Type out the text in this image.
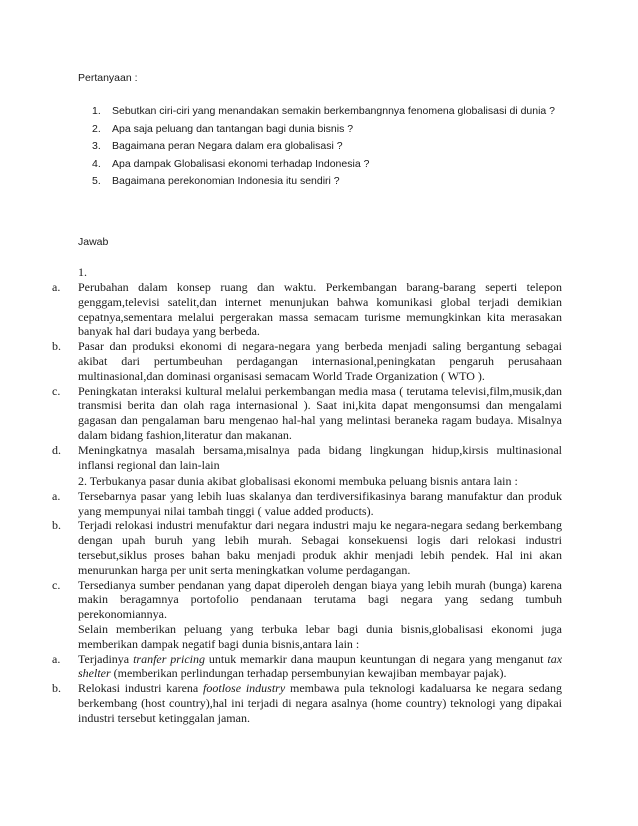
Pertanyaan :
1. Sebutkan ciri-ciri yang menandakan semakin berkembangnnya fenomena globalisasi di dunia ?
2. Apa saja peluang dan tantangan bagi dunia bisnis ?
3. Bagaimana peran Negara dalam era globalisasi ?
4. Apa dampak Globalisasi ekonomi terhadap Indonesia ?
5. Bagaimana perekonomian Indonesia itu sendiri ?
Jawab
1.
a. Perubahan dalam konsep ruang dan waktu. Perkembangan barang-barang seperti telepon genggam,televisi satelit,dan internet menunjukan bahwa komunikasi global terjadi demikian cepatnya,sementara melalui pergerakan massa semacam turisme memungkinkan kita merasakan banyak hal dari budaya yang berbeda.
b. Pasar dan produksi ekonomi di negara-negara yang berbeda menjadi saling bergantung sebagai akibat dari pertumbeuhan perdagangan internasional,peningkatan pengaruh perusahaan multinasional,dan dominasi organisasi semacam World Trade Organization ( WTO ).
c. Peningkatan interaksi kultural melalui perkembangan media masa ( terutama televisi,film,musik,dan transmisi berita dan olah raga internasional ). Saat ini,kita dapat mengonsumsi dan mengalami gagasan dan pengalaman baru mengenao hal-hal yang melintasi beraneka ragam budaya. Misalnya dalam bidang fashion,literatur dan makanan.
d. Meningkatnya masalah bersama,misalnya pada bidang lingkungan hidup,kirsis multinasional inflansi regional dan lain-lain
2. Terbukanya pasar dunia akibat globalisasi ekonomi membuka peluang bisnis antara lain :
a. Tersebarnya pasar yang lebih luas skalanya dan terdiversifikasinya barang manufaktur dan produk yang mempunyai nilai tambah tinggi ( value added products).
b. Terjadi relokasi industri menufaktur dari negara industri maju ke negara-negara sedang berkembang dengan upah buruh yang lebih murah. Sebagai konsekuensi logis dari relokasi industri tersebut,siklus proses bahan baku menjadi produk akhir menjadi lebih pendek. Hal ini akan menurunkan harga per unit serta meningkatkan volume perdagangan.
c. Tersedianya sumber pendanan yang dapat diperoleh dengan biaya yang lebih murah (bunga) karena makin beragamnya portofolio pendanaan terutama bagi negara yang sedang tumbuh perekonomiannya.
Selain memberikan peluang yang terbuka lebar bagi dunia bisnis,globalisasi ekonomi juga memberikan dampak negatif bagi dunia bisnis,antara lain :
a. Terjadinya tranfer pricing untuk memarkir dana maupun keuntungan di negara yang menganut tax shelter (memberikan perlindungan terhadap persembunyian kewajiban membayar pajak).
b. Relokasi industri karena footlose industry membawa pula teknologi kadaluarsa ke negara sedang berkembang (host country),hal ini terjadi di negara asalnya (home country) teknologi yang dipakai industri tersebut ketinggalan jaman.
